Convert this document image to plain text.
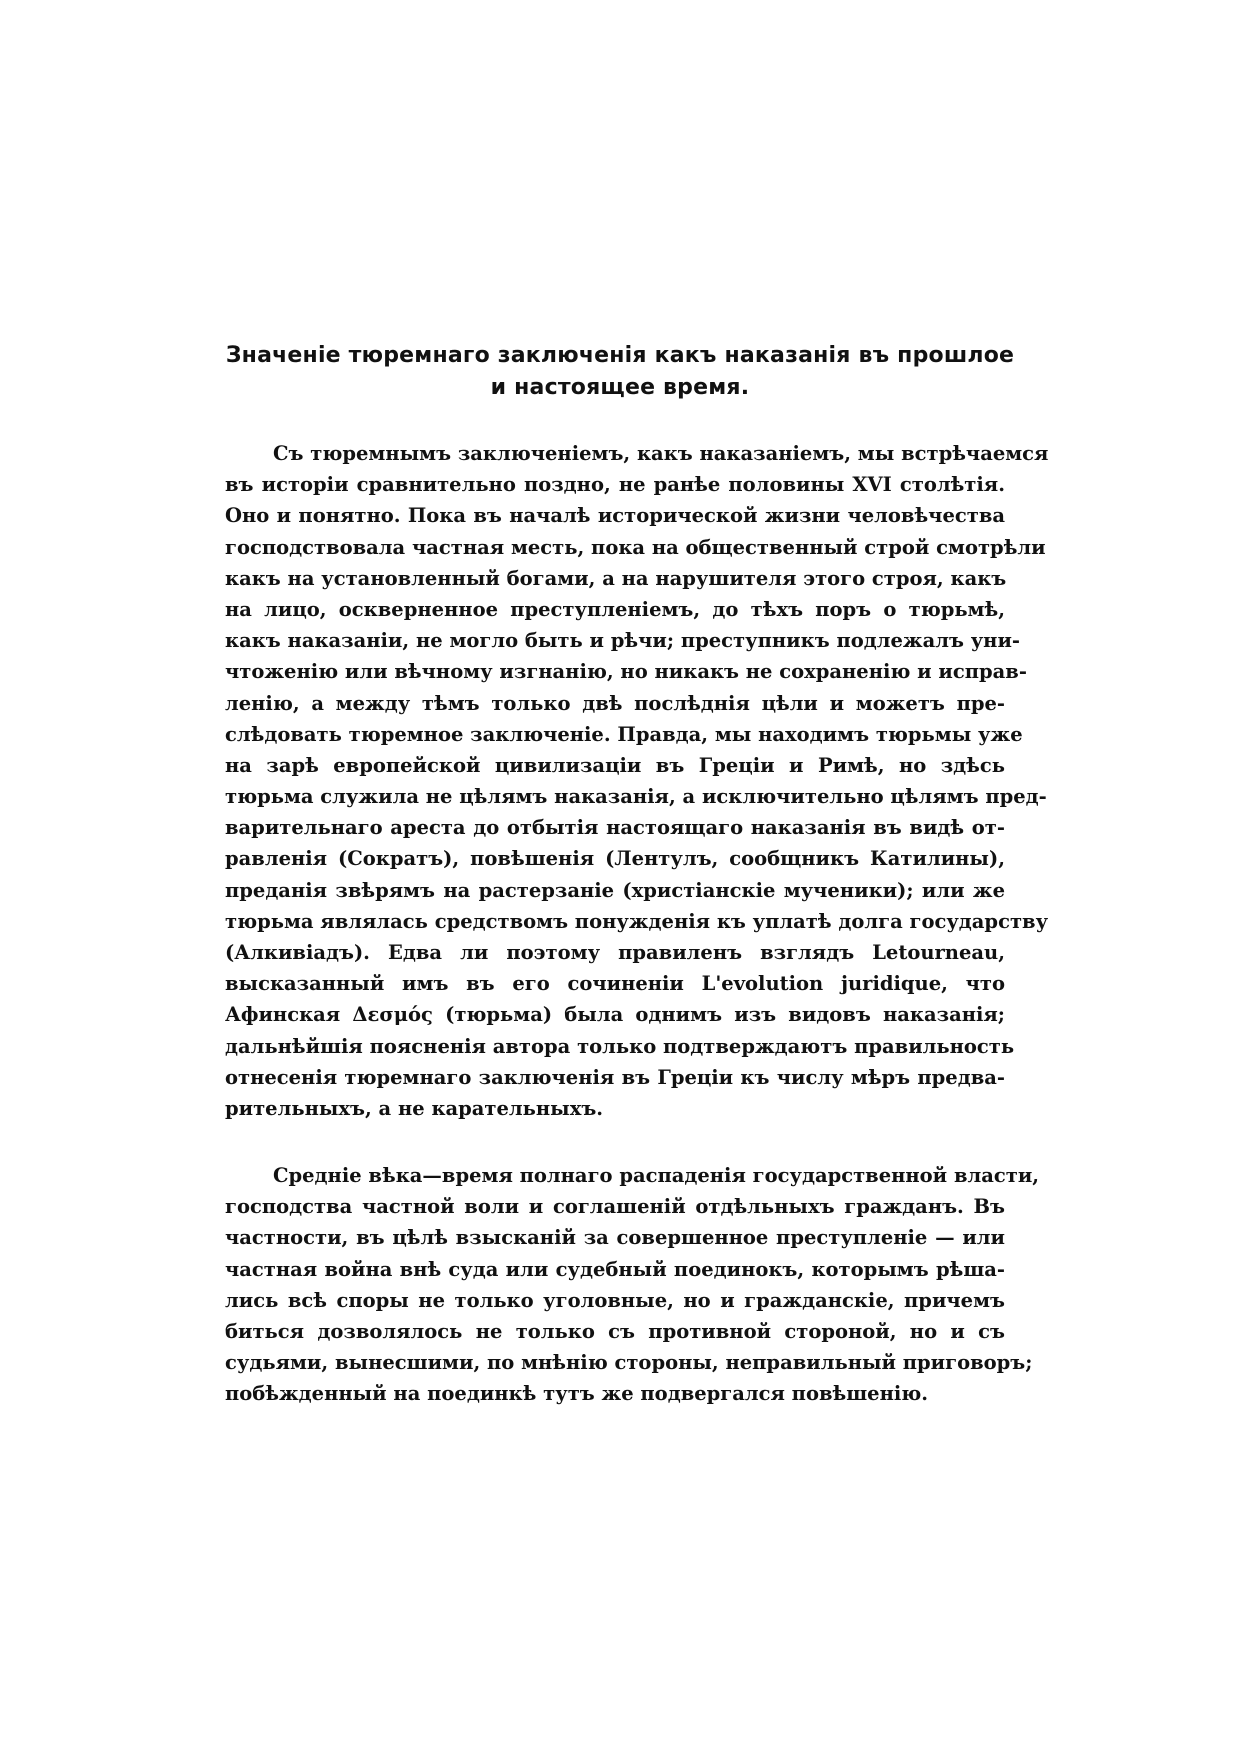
Значеніе тюремнаго заключенія какъ наказанія въ прошлое
и настоящее время.
Съ тюремнымъ заключеніемъ, какъ наказаніемъ, мы встрѣчаемся
въ исторіи сравнительно поздно, не ранѣе половины XVI столѣтія.
Оно и понятно. Пока въ началѣ исторической жизни человѣчества
господствовала частная месть, пока на общественный строй смотрѣли
какъ на установленный богами, а на нарушителя этого строя, какъ
на лицо, оскверненное преступленіемъ, до тѣхъ поръ о тюрьмѣ,
какъ наказаніи, не могло быть и рѣчи; преступникъ подлежалъ уни-
чтоженію или вѣчному изгнанію, но никакъ не сохраненію и исправ-
ленію, а между тѣмъ только двѣ послѣднія цѣли и можетъ пре-
слѣдовать тюремное заключеніе. Правда, мы находимъ тюрьмы уже
на зарѣ европейской цивилизаціи въ Греціи и Римѣ, но здѣсь
тюрьма служила не цѣлямъ наказанія, а исключительно цѣлямъ пред-
варительнаго ареста до отбытія настоящаго наказанія въ видѣ от-
равленія (Сократъ), повѣшенія (Лентулъ, сообщникъ Катилины),
преданія звѣрямъ на растерзаніе (христіанскіе мученики); или же
тюрьма являлась средствомъ понужденія къ уплатѣ долга государству
(Алкивіадъ). Едва ли поэтому правиленъ взглядъ Letourneau,
высказанный имъ въ его сочиненіи L'evolution juridique, что
Афинская Δεσμός (тюрьма) была однимъ изъ видовъ наказанія;
дальнѣйшія поясненія автора только подтверждаютъ правильность
отнесенія тюремнаго заключенія въ Греціи къ числу мѣръ предва-
рительныхъ, а не карательныхъ.
Средніе вѣка—время полнаго распаденія государственной власти,
господства частной воли и соглашеній отдѣльныхъ гражданъ. Въ
частности, въ цѣлѣ взысканій за совершенное преступленіе — или
частная война внѣ суда или судебный поединокъ, которымъ рѣша-
лись всѣ споры не только уголовные, но и гражданскіе, причемъ
биться дозволялось не только съ противной стороной, но и съ
судьями, вынесшими, по мнѣнію стороны, неправильный приговоръ;
побѣжденный на поединкѣ тутъ же подвергался повѣшенію.
